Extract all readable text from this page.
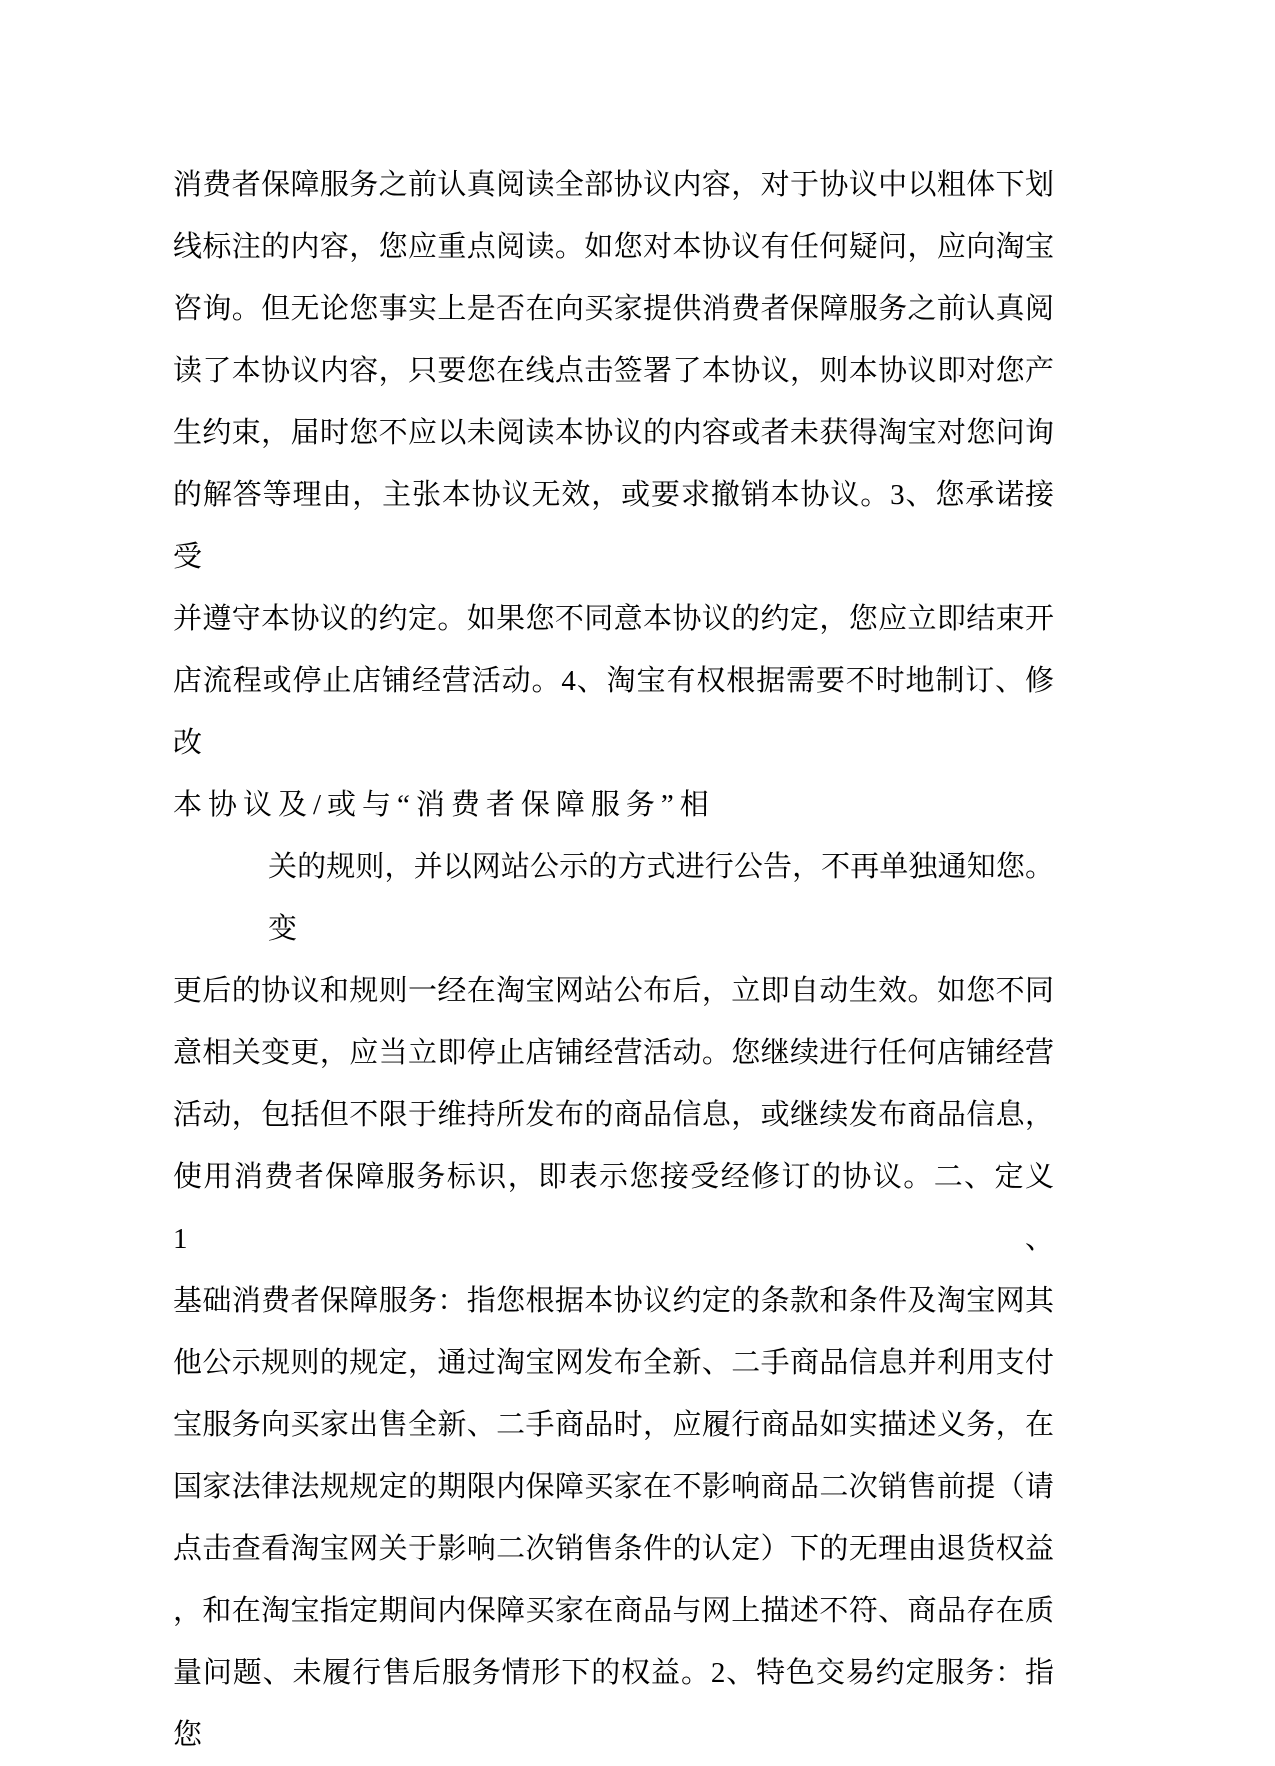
消费者保障服务之前认真阅读全部协议内容，对于协议中以粗体下划
线标注的内容，您应重点阅读。如您对本协议有任何疑问，应向淘宝
咨询。但无论您事实上是否在向买家提供消费者保障服务之前认真阅
读了本协议内容，只要您在线点击签署了本协议，则本协议即对您产
生约束，届时您不应以未阅读本协议的内容或者未获得淘宝对您问询
的解答等理由，主张本协议无效，或要求撤销本协议。3、您承诺接受
并遵守本协议的约定。如果您不同意本协议的约定，您应立即结束开
店流程或停止店铺经营活动。4、淘宝有权根据需要不时地制订、修改
本协议及/或与“消费者保障服务”相
关的规则，并以网站公示的方式进行公告，不再单独通知您。变
更后的协议和规则一经在淘宝网站公布后，立即自动生效。如您不同
意相关变更，应当立即停止店铺经营活动。您继续进行任何店铺经营
活动，包括但不限于维持所发布的商品信息，或继续发布商品信息，
使用消费者保障服务标识，即表示您接受经修订的协议。二、定义 1、
基础消费者保障服务：指您根据本协议约定的条款和条件及淘宝网其
他公示规则的规定，通过淘宝网发布全新、二手商品信息并利用支付
宝服务向买家出售全新、二手商品时，应履行商品如实描述义务，在
国家法律法规规定的期限内保障买家在不影响商品二次销售前提（请
点击查看淘宝网关于影响二次销售条件的认定）下的无理由退货权益
，和在淘宝指定期间内保障买家在商品与网上描述不符、商品存在质
量问题、未履行售后服务情形下的权益。2、特色交易约定服务：指您
